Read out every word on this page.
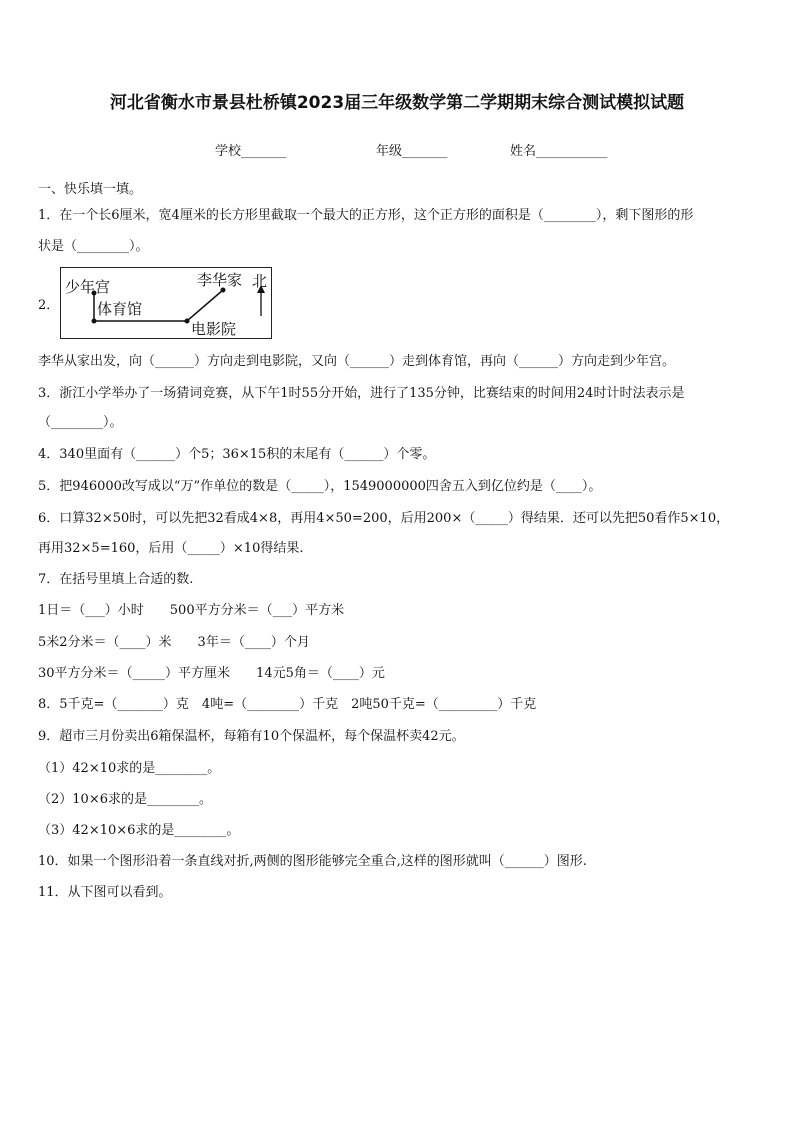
河北省衡水市景县杜桥镇2023届三年级数学第二学期期末综合测试模拟试题
学校_______	年级_______	姓名___________
一、快乐填一填。
1．在一个长6厘米，宽4厘米的长方形里截取一个最大的正方形，这个正方形的面积是（________），剩下图形的形
状是（________）。
2．
少年宫
体育馆
李华家
电影院
北
李华从家出发，向（______）方向走到电影院，又向（______）走到体育馆，再向（______）方向走到少年宫。
3．浙江小学举办了一场猜词竞赛，从下午1时55分开始，进行了135分钟，比赛结束的时间用24时计时法表示是
（________）。
4．340里面有（______）个5；36×15积的末尾有（______）个零。
5．把946000改写成以“万”作单位的数是（_____），1549000000四舍五入到亿位约是（____）。
6．口算32×50时，可以先把32看成4×8，再用4×50=200，后用200×（_____）得结果．还可以先把50看作5×10，
再用32×5=160，后用（_____）×10得结果.
7．在括号里填上合适的数.
1日＝（___）小时　　500平方分米＝（___）平方米
5米2分米＝（____）米　　3年＝（____）个月
30平方分米＝（_____）平方厘米　　14元5角＝（____）元
8．5千克=（_______）克　4吨=（________）千克　2吨50千克=（_________）千克
9．超市三月份卖出6箱保温杯，每箱有10个保温杯，每个保温杯卖42元。
（1）42×10求的是________。
（2）10×6求的是________。
（3）42×10×6求的是________。
10．如果一个图形沿着一条直线对折,两侧的图形能够完全重合,这样的图形就叫（______）图形.
11．从下图可以看到。
